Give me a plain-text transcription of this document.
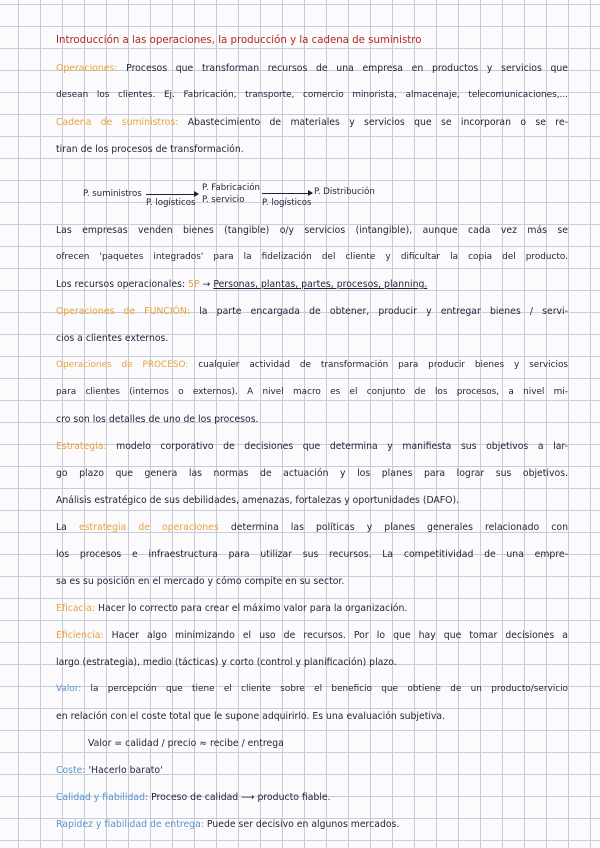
Introducción a las operaciones, la producción y la cadena de suministro
Operaciones: Procesos que transforman recursos de una empresa en productos y servicios que
desean los clientes. Ej. Fabricación, transporte, comercio minorista, almacenaje, telecomunicaciones,...
Cadena de suministros: Abastecimiento de materiales y servicios que se incorporan o se re-
tiran de los procesos de transformación.
P. suministros
P. logísticos
P. Fabricación
P. servicio P. logísticos
P. Distribución
Las empresas venden bienes (tangible) o/y servicios (intangible), aunque cada vez más se
ofrecen 'paquetes integrados' para la fidelización del cliente y dificultar la copia del producto.
Los recursos operacionales: 5P → Personas, plantas, partes, procesos, planning.
Operaciones de FUNCIÓN: la parte encargada de obtener, producir y entregar bienes / servi-
cios a clientes externos.
Operaciones de PROCESO: cualquier actividad de transformación para producir bienes y servicios
para clientes (internos o externos). A nivel macro es el conjunto de los procesos, a nivel mi-
cro son los detalles de uno de los procesos.
Estrategia: modelo corporativo de decisiones que determina y manifiesta sus objetivos a lar-
go plazo que genera las normas de actuación y los planes para lograr sus objetivos.
Análisis estratégico de sus debilidades, amenazas, fortalezas y oportunidades (DAFO).
La estrategia de operaciones determina las políticas y planes generales relacionado con
los procesos e infraestructura para utilizar sus recursos. La competitividad de una empre-
sa es su posición en el mercado y cómo compite en su sector.
Eficacia: Hacer lo correcto para crear el máximo valor para la organización.
Eficiencia: Hacer algo minimizando el uso de recursos. Por lo que hay que tomar decisiones a
largo (estrategia), medio (tácticas) y corto (control y planificación) plazo.
Valor: la percepción que tiene el cliente sobre el beneficio que obtiene de un producto/servicio
en relación con el coste total que le supone adquirirlo. Es una evaluación subjetiva.
Valor = calidad / precio ≈ recibe / entrega
Coste: 'Hacerlo barato'
Calidad y fiabilidad: Proceso de calidad ⟶ producto fiable.
Rapidez y fiabilidad de entrega: Puede ser decisivo en algunos mercados.
